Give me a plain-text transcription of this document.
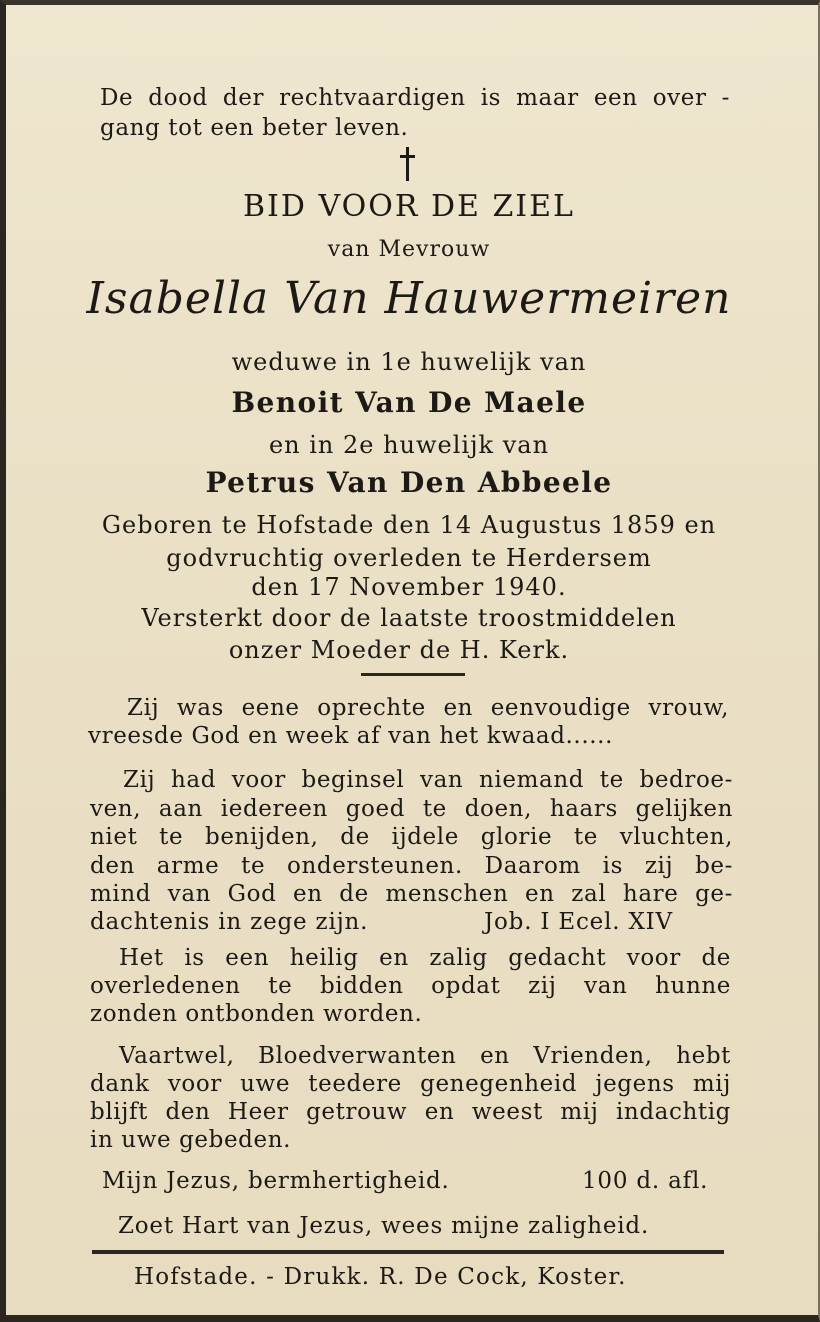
De dood der rechtvaardigen is maar een over -
gang tot een beter leven.
BID VOOR DE ZIEL
van Mevrouw
Isabella Van Hauwermeiren
weduwe in 1e huwelijk van
Benoit Van De Maele
en in 2e huwelijk van
Petrus Van Den Abbeele
Geboren te Hofstade den 14 Augustus 1859 en
godvruchtig overleden te Herdersem
den 17 November 1940.
Versterkt door de laatste troostmiddelen
onzer Moeder de H. Kerk.
Zij was eene oprechte en eenvoudige vrouw,
vreesde God en week af van het kwaad......
Zij had voor beginsel van niemand te bedroe-
ven, aan iedereen goed te doen, haars gelijken
niet te benijden, de ijdele glorie te vluchten,
den arme te ondersteunen. Daarom is zij be-
mind van God en de menschen en zal hare ge-
dachtenis in zege zijn.	Job. I Ecel. XIV
Het is een heilig en zalig gedacht voor de
overledenen te bidden opdat zij van hunne
zonden ontbonden worden.
Vaartwel, Bloedverwanten en Vrienden, hebt
dank voor uwe teedere genegenheid jegens mij
blijft den Heer getrouw en weest mij indachtig
in uwe gebeden.
Mijn Jezus, bermhertigheid.	100 d. afl.
Zoet Hart van Jezus, wees mijne zaligheid.
Hofstade. - Drukk. R. De Cock, Koster.
